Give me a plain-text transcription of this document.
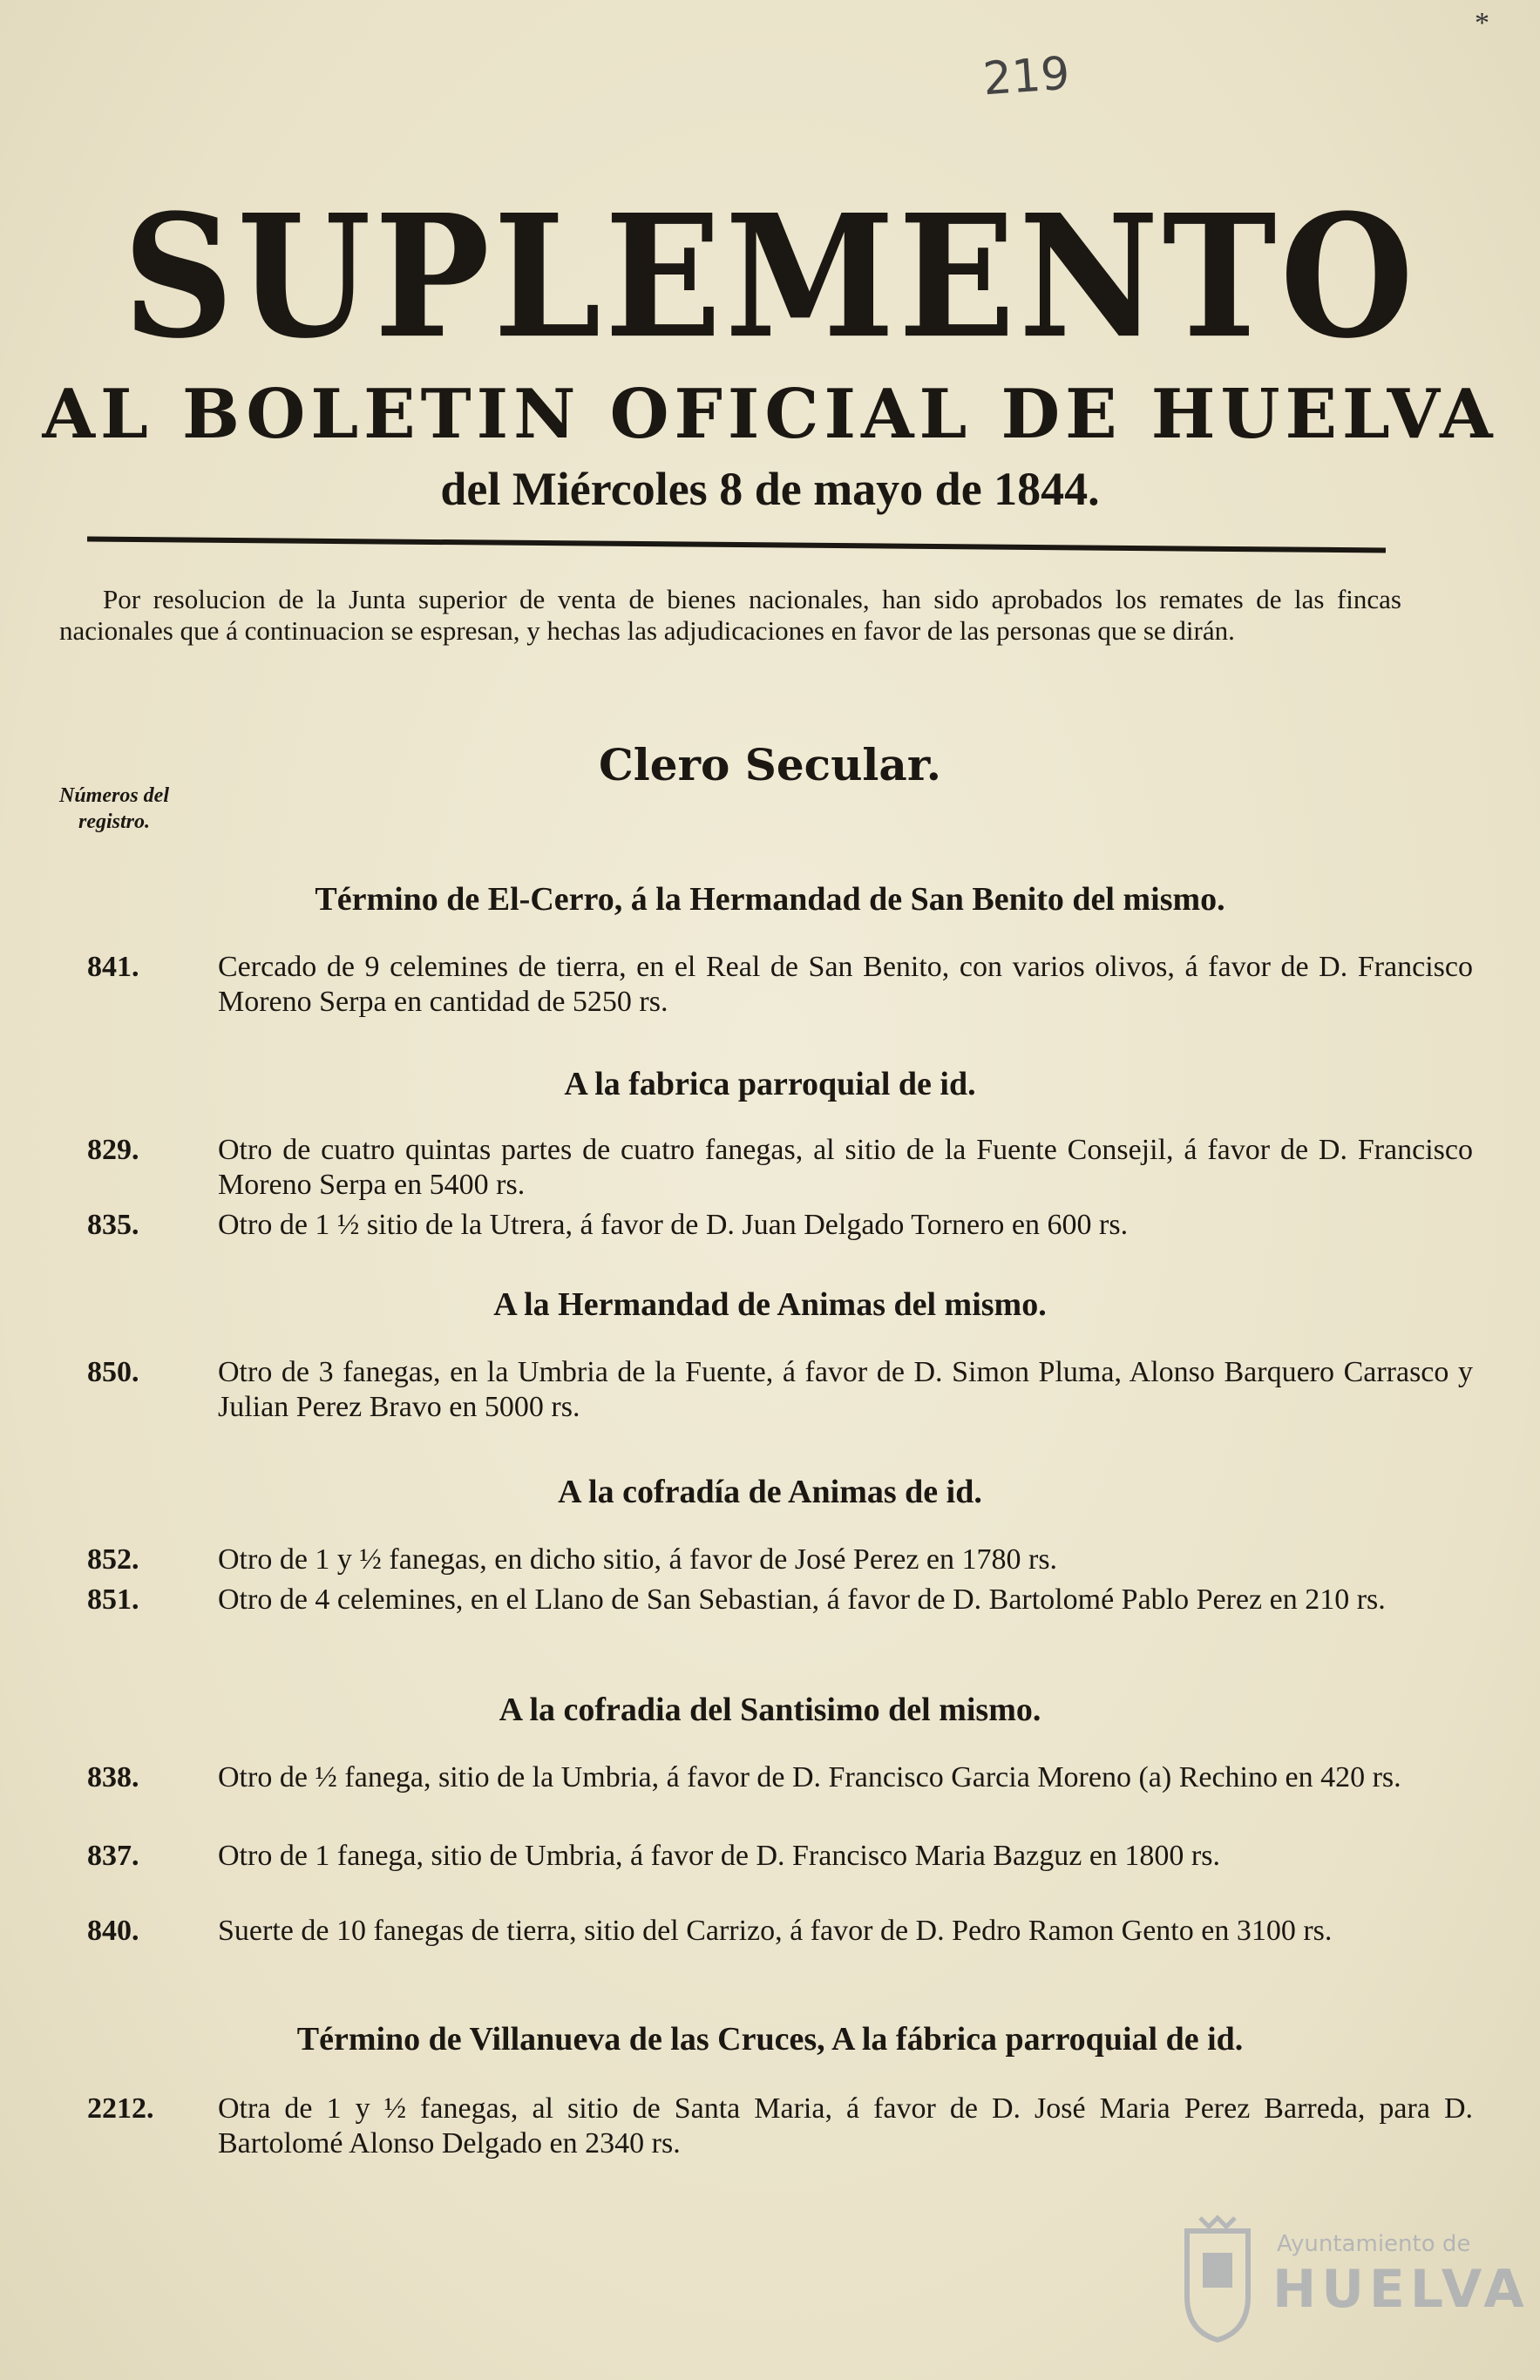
*
219
SUPLEMENTO
AL BOLETIN OFICIAL DE HUELVA
del Miércoles 8 de mayo de 1844.
Por resolucion de la Junta superior de venta de bienes nacionales, han sido aprobados los remates de las fincas nacionales que á continuacion se espresan, y hechas las adjudicaciones en favor de las personas que se dirán.
Clero Secular.
Números del registro.
Término de El-Cerro, á la Hermandad de San Benito del mismo.
841.	Cercado de 9 celemines de tierra, en el Real de San Benito, con varios olivos, á favor de D. Francisco Moreno Serpa en cantidad de 5250 rs.
A la fabrica parroquial de id.
829.	Otro de cuatro quintas partes de cuatro fanegas, al sitio de la Fuente Consejil, á favor de D. Francisco Moreno Serpa en 5400 rs.
835.	Otro de 1 ½ sitio de la Utrera, á favor de D. Juan Delgado Tornero en 600 rs.
A la Hermandad de Animas del mismo.
850.	Otro de 3 fanegas, en la Umbria de la Fuente, á favor de D. Simon Pluma, Alonso Barquero Carrasco y Julian Perez Bravo en 5000 rs.
A la cofradía de Animas de id.
852.	Otro de 1 y ½ fanegas, en dicho sitio, á favor de José Perez en 1780 rs.
851.	Otro de 4 celemines, en el Llano de San Sebastian, á favor de D. Bartolomé Pablo Perez en 210 rs.
A la cofradia del Santisimo del mismo.
838.	Otro de ½ fanega, sitio de la Umbria, á favor de D. Francisco Garcia Moreno (a) Rechino en 420 rs.
837.	Otro de 1 fanega, sitio de Umbria, á favor de D. Francisco Maria Bazguz en 1800 rs.
840.	Suerte de 10 fanegas de tierra, sitio del Carrizo, á favor de D. Pedro Ramon Gento en 3100 rs.
Término de Villanueva de las Cruces, A la fábrica parroquial de id.
2212. Otra de 1 y ½ fanegas, al sitio de Santa Maria, á favor de D. José Maria Perez Barreda, para D. Bartolomé Alonso Delgado en 2340 rs.
Ayuntamiento de
HUELVA
